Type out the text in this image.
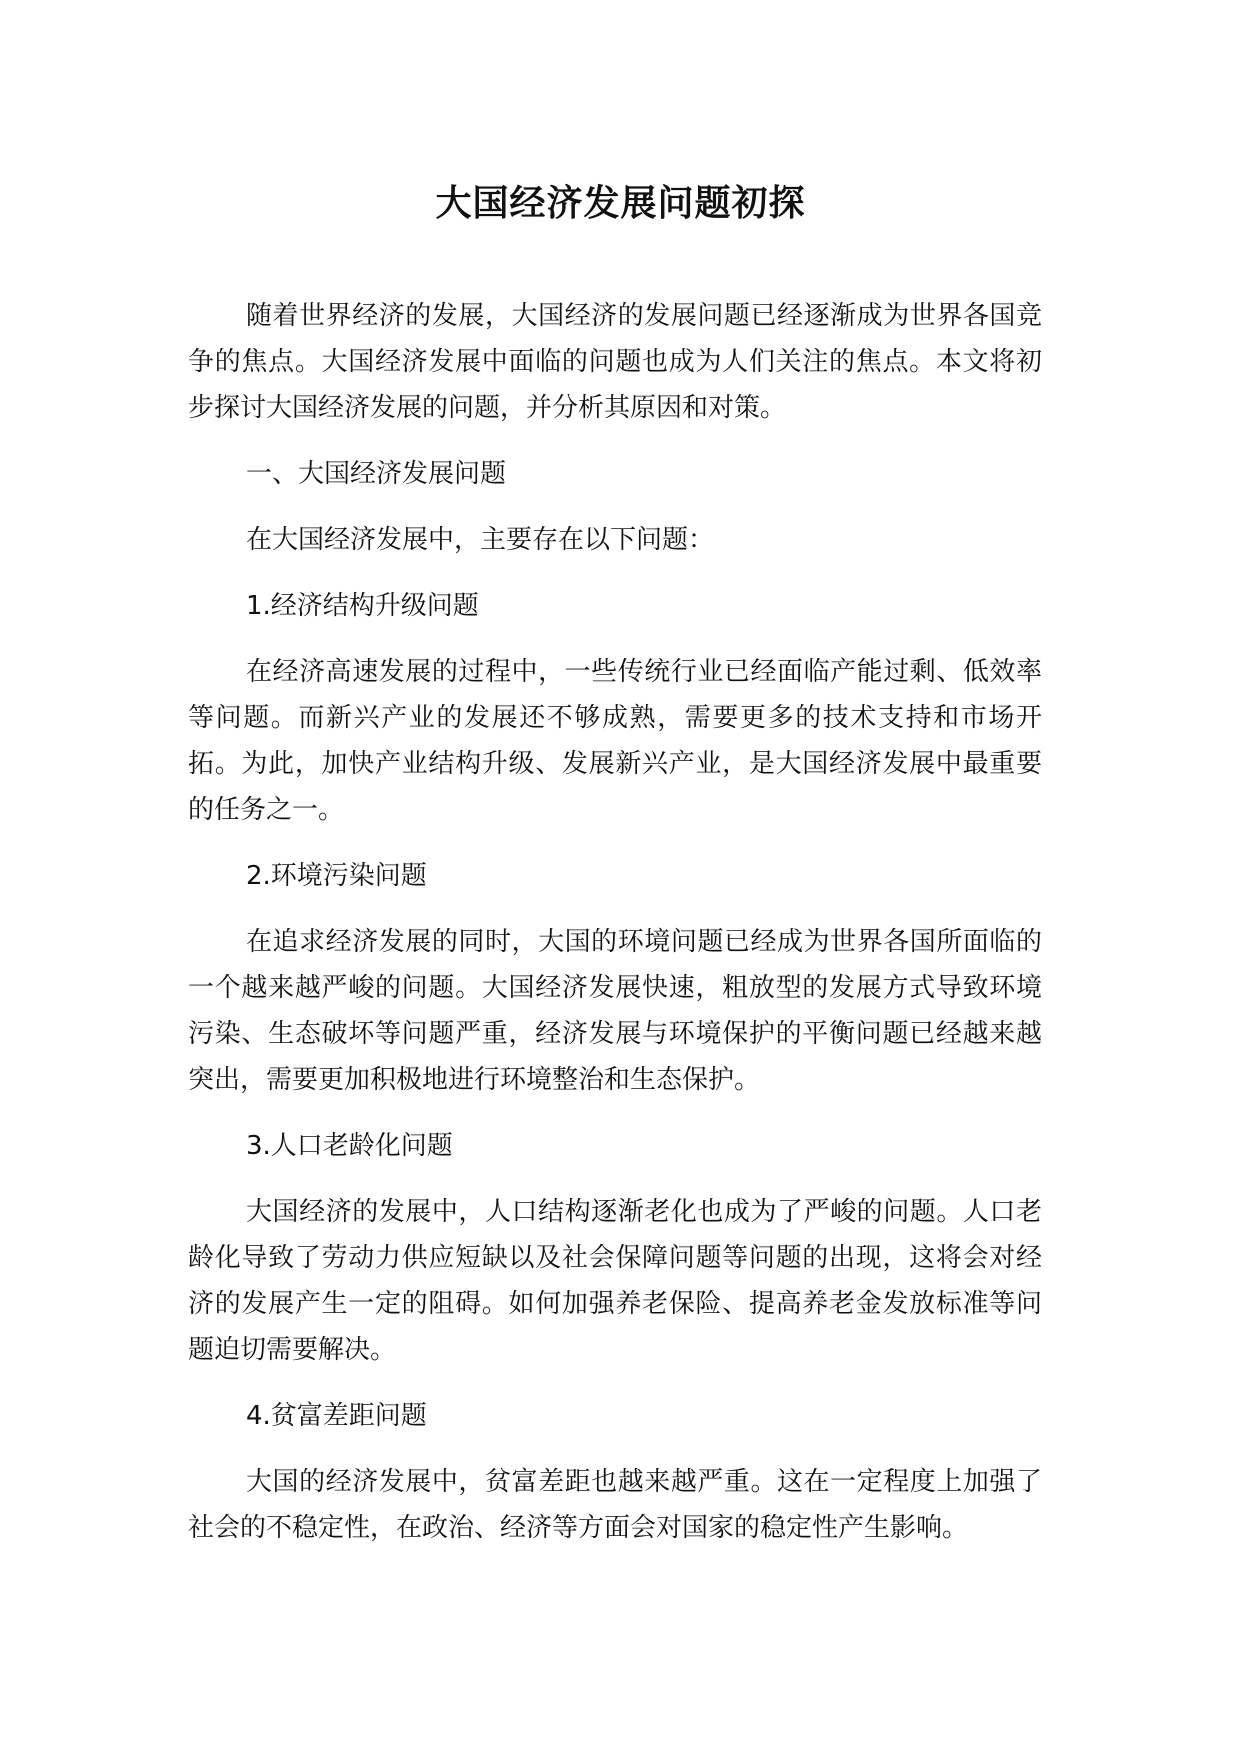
大国经济发展问题初探

随着世界经济的发展，大国经济的发展问题已经逐渐成为世界各国竞争的焦点。大国经济发展中面临的问题也成为人们关注的焦点。本文将初步探讨大国经济发展的问题，并分析其原因和对策。

一、大国经济发展问题

在大国经济发展中，主要存在以下问题：

1.经济结构升级问题

在经济高速发展的过程中，一些传统行业已经面临产能过剩、低效率等问题。而新兴产业的发展还不够成熟，需要更多的技术支持和市场开拓。为此，加快产业结构升级、发展新兴产业，是大国经济发展中最重要的任务之一。

2.环境污染问题

在追求经济发展的同时，大国的环境问题已经成为世界各国所面临的一个越来越严峻的问题。大国经济发展快速，粗放型的发展方式导致环境污染、生态破坏等问题严重，经济发展与环境保护的平衡问题已经越来越突出，需要更加积极地进行环境整治和生态保护。

3.人口老龄化问题

大国经济的发展中，人口结构逐渐老化也成为了严峻的问题。人口老龄化导致了劳动力供应短缺以及社会保障问题等问题的出现，这将会对经济的发展产生一定的阻碍。如何加强养老保险、提高养老金发放标准等问题迫切需要解决。

4.贫富差距问题

大国的经济发展中，贫富差距也越来越严重。这在一定程度上加强了社会的不稳定性，在政治、经济等方面会对国家的稳定性产生影响。
